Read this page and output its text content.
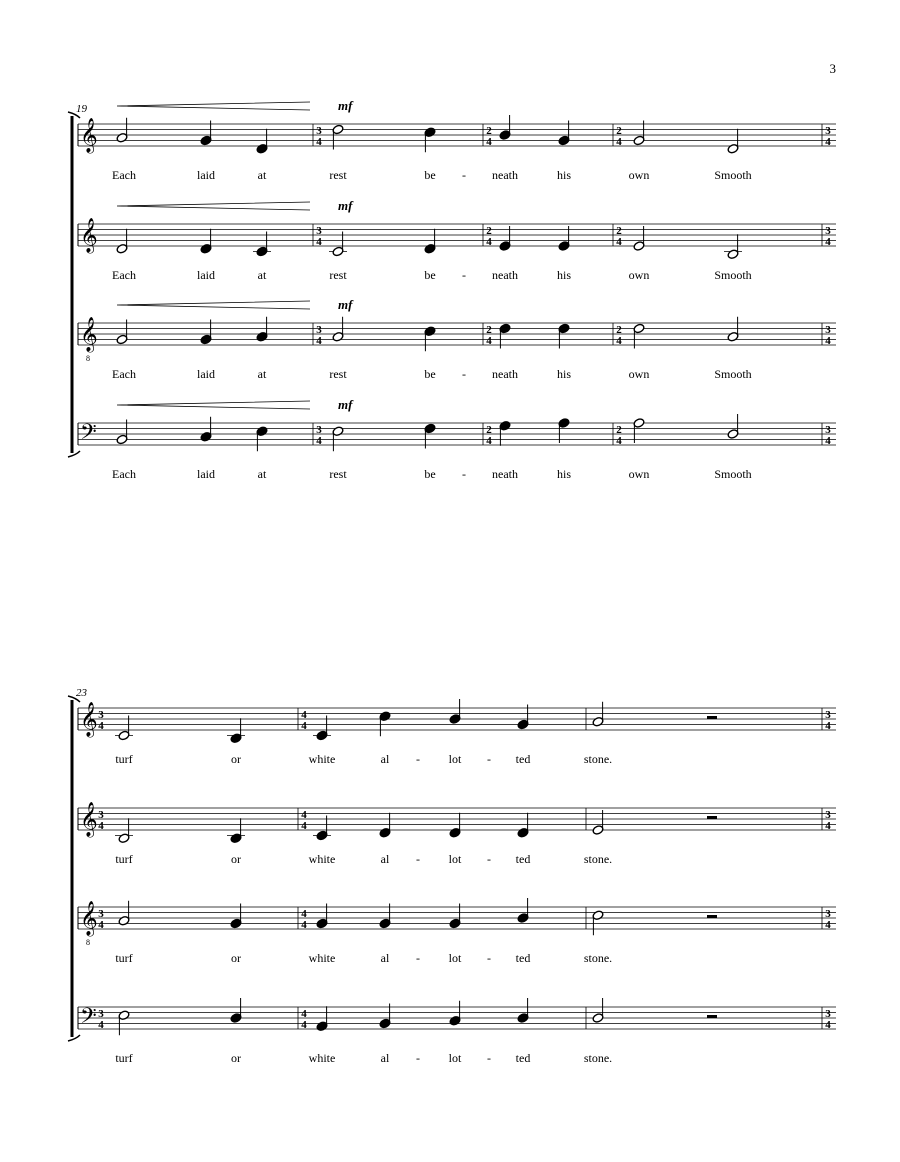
3
19
𝄞	3
4
2
4
2
4
3
4
mf
Each	laid	at	rest	be - neath	his	own	Smooth
𝄞	3
4
2
4
2
4
3
4
mf
Each	laid	at	rest	be - neath	his	own	Smooth
𝄞
8
3
4
2
4
2
4
3
4
mf
Each	laid	at	rest	be - neath	his	own	Smooth
𝄢	3
4
2
4
2
4
3
4
mf
Each	laid	at	rest	be - neath	his	own	Smooth
23
𝄞 3
4
4
4
3
4
turf	or	white	al - lot - ted	stone.
𝄞 3
4
4
4
3
4
turf	or	white	al - lot - ted	stone.
𝄞
8
3
4
4
4
3
4
turf	or	white	al - lot - ted	stone.
𝄢 3
4
4
4
3
4
turf	or	white	al - lot - ted	stone.
